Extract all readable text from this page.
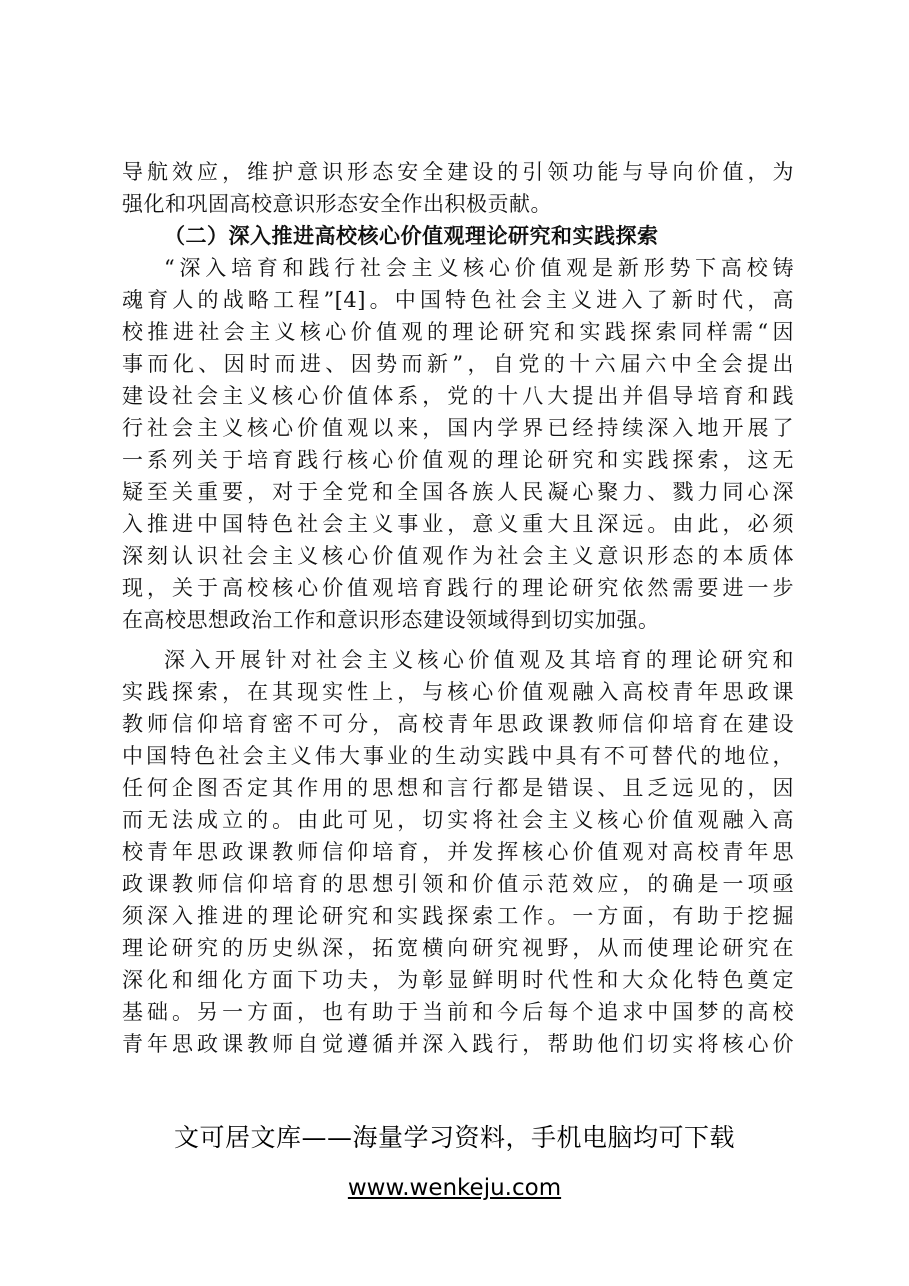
导航效应，维护意识形态安全建设的引领功能与导向价值，为
强化和巩固高校意识形态安全作出积极贡献。
（二）深入推进高校核心价值观理论研究和实践探索
“深入培育和践行社会主义核心价值观是新形势下高校铸
魂育人的战略工程”[4]。中国特色社会主义进入了新时代，高
校推进社会主义核心价值观的理论研究和实践探索同样需“因
事而化、因时而进、因势而新”，自党的十六届六中全会提出
建设社会主义核心价值体系，党的十八大提出并倡导培育和践
行社会主义核心价值观以来，国内学界已经持续深入地开展了
一系列关于培育践行核心价值观的理论研究和实践探索，这无
疑至关重要，对于全党和全国各族人民凝心聚力、戮力同心深
入推进中国特色社会主义事业，意义重大且深远。由此，必须
深刻认识社会主义核心价值观作为社会主义意识形态的本质体
现，关于高校核心价值观培育践行的理论研究依然需要进一步
在高校思想政治工作和意识形态建设领域得到切实加强。
深入开展针对社会主义核心价值观及其培育的理论研究和
实践探索，在其现实性上，与核心价值观融入高校青年思政课
教师信仰培育密不可分，高校青年思政课教师信仰培育在建设
中国特色社会主义伟大事业的生动实践中具有不可替代的地位，
任何企图否定其作用的思想和言行都是错误、且乏远见的，因
而无法成立的。由此可见，切实将社会主义核心价值观融入高
校青年思政课教师信仰培育，并发挥核心价值观对高校青年思
政课教师信仰培育的思想引领和价值示范效应，的确是一项亟
须深入推进的理论研究和实践探索工作。一方面，有助于挖掘
理论研究的历史纵深，拓宽横向研究视野，从而使理论研究在
深化和细化方面下功夫，为彰显鲜明时代性和大众化特色奠定
基础。另一方面，也有助于当前和今后每个追求中国梦的高校
青年思政课教师自觉遵循并深入践行，帮助他们切实将核心价
文可居文库——海量学习资料，手机电脑均可下载
www.wenkeju.com
